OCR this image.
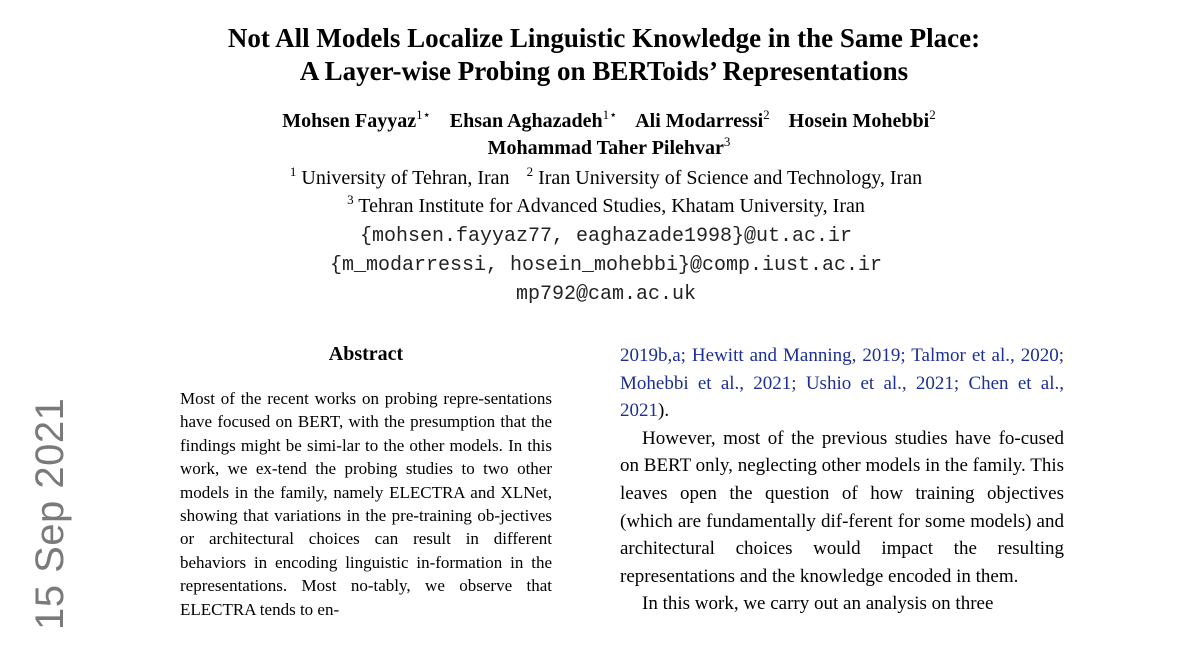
15 Sep 2021
Not All Models Localize Linguistic Knowledge in the Same Place:
A Layer-wise Probing on BERToids’ Representations
Mohsen Fayyaz$^{1⋆}$ Ehsan Aghazadeh$^{1⋆}$ Ali Modarressi$^2$ Hosein Mohebbi$^2$
Mohammad Taher Pilehvar$^3$
$^1$ University of Tehran, Iran $^2$ Iran University of Science and Technology, Iran
$^3$ Tehran Institute for Advanced Studies, Khatam University, Iran
{mohsen.fayyaz77, eaghazade1998}@ut.ac.ir
{m_modarressi, hosein_mohebbi}@comp.iust.ac.ir
mp792@cam.ac.uk
Abstract

Most of the recent works on probing repre-sentations have focused on BERT, with the presumption that the findings might be simi-lar to the other models. In this work, we ex-tend the probing studies to two other models in the family, namely ELECTRA and XLNet, showing that variations in the pre-training ob-jectives or architectural choices can result in different behaviors in encoding linguistic in-formation in the representations. Most no-tably, we observe that ELECTRA tends to en-

2019b,a; Hewitt and Manning, 2019; Talmor et al., 2020; Mohebbi et al., 2021; Ushio et al., 2021; Chen et al., 2021).

However, most of the previous studies have fo-cused on BERT only, neglecting other models in the family. This leaves open the question of how training objectives (which are fundamentally dif-ferent for some models) and architectural choices would impact the resulting representations and the knowledge encoded in them.

In this work, we carry out an analysis on three
